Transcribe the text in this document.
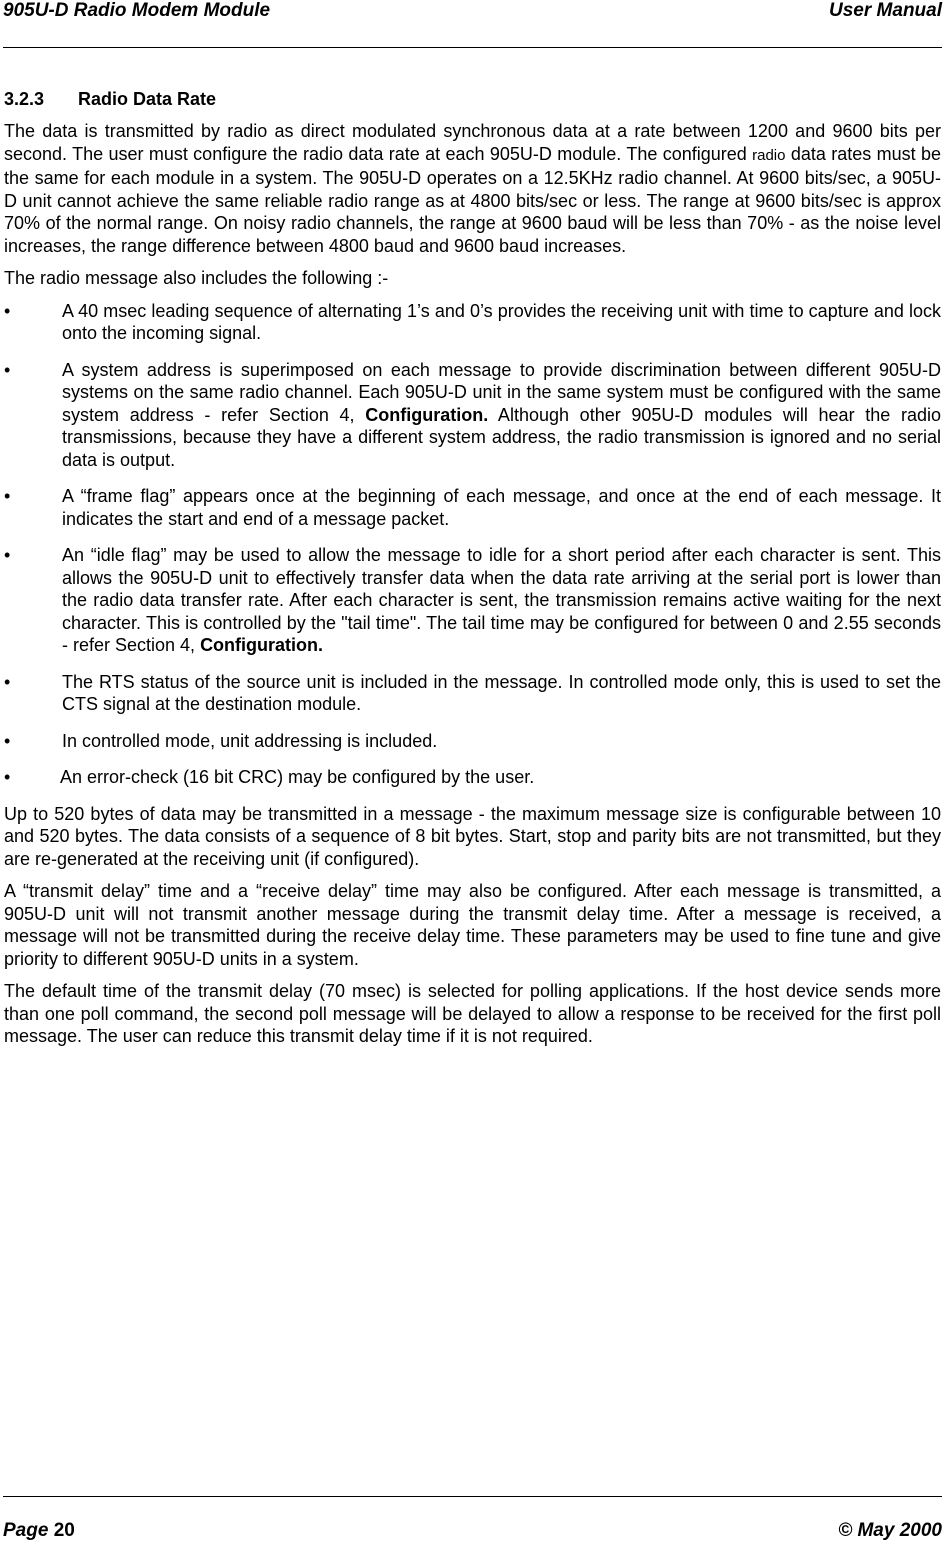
905U-D Radio Modem Module	User Manual
3.2.3 Radio Data Rate

The data is transmitted by radio as direct modulated synchronous data at a rate between 1200 and 9600 bits per second. The user must configure the radio data rate at each 905U-D module. The configured radio data rates must be the same for each module in a system. The 905U-D operates on a 12.5KHz radio channel. At 9600 bits/sec, a 905U-D unit cannot achieve the same reliable radio range as at 4800 bits/sec or less. The range at 9600 bits/sec is approx 70% of the normal range. On noisy radio channels, the range at 9600 baud will be less than 70% - as the noise level increases, the range difference between 4800 baud and 9600 baud increases.

The radio message also includes the following :-

•	A 40 msec leading sequence of alternating 1’s and 0’s provides the receiving unit with time to capture and lock onto the incoming signal.
•	A system address is superimposed on each message to provide discrimination between different 905U-D systems on the same radio channel. Each 905U-D unit in the same system must be configured with the same system address - refer Section 4, Configuration. Although other 905U-D modules will hear the radio transmissions, because they have a different system address, the radio transmission is ignored and no serial data is output.
•	A “frame flag” appears once at the beginning of each message, and once at the end of each message. It indicates the start and end of a message packet.
•	An “idle flag” may be used to allow the message to idle for a short period after each character is sent. This allows the 905U-D unit to effectively transfer data when the data rate arriving at the serial port is lower than the radio data transfer rate. After each character is sent, the transmission remains active waiting for the next character. This is controlled by the "tail time". The tail time may be configured for between 0 and 2.55 seconds - refer Section 4, Configuration.
•	The RTS status of the source unit is included in the message. In controlled mode only, this is used to set the CTS signal at the destination module.
•	In controlled mode, unit addressing is included.
•	An error-check (16 bit CRC) may be configured by the user.

Up to 520 bytes of data may be transmitted in a message - the maximum message size is configurable between 10 and 520 bytes. The data consists of a sequence of 8 bit bytes. Start, stop and parity bits are not transmitted, but they are re-generated at the receiving unit (if configured).

A “transmit delay” time and a “receive delay” time may also be configured. After each message is transmitted, a 905U-D unit will not transmit another message during the transmit delay time. After a message is received, a message will not be transmitted during the receive delay time. These parameters may be used to fine tune and give priority to different 905U-D units in a system.

The default time of the transmit delay (70 msec) is selected for polling applications. If the host device sends more than one poll command, the second poll message will be delayed to allow a response to be received for the first poll message. The user can reduce this transmit delay time if it is not required.

Page 20	© May 2000
